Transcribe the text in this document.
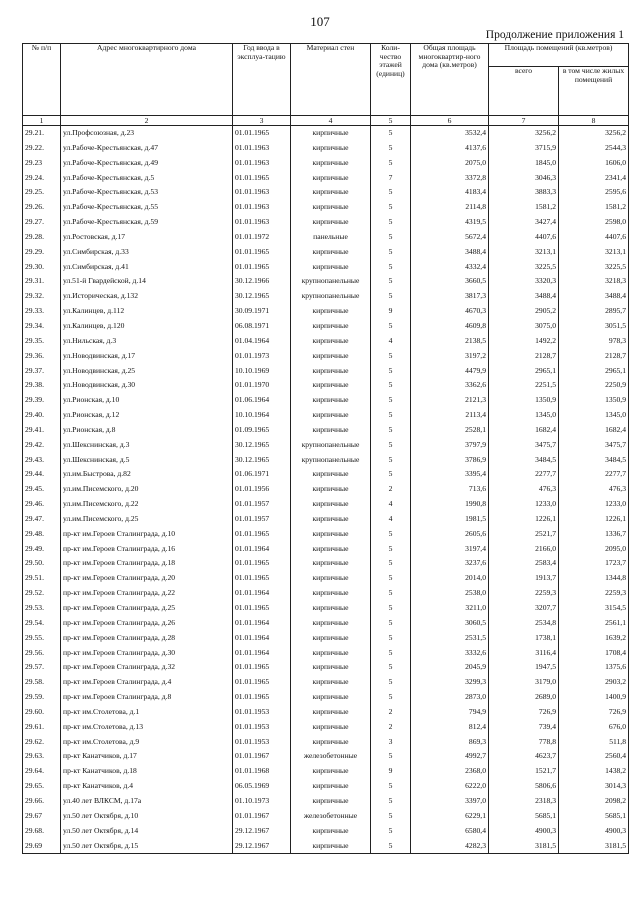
107
Продолжение приложения 1
№ п/п	Адрес многоквартирного дома	Год ввода в эксплуа-тацию	Материал стен	Коли-чество этажей (единиц)	Общая площадь многоквартир-ного дома (кв.метров)	Площадь помещений (кв.метров)	
						всего	в том числе жилых помещений
1	2	3	4	5	6	7	8
29.21.	ул.Профсоюзная, д.23	01.01.1965	кирпичные	5	3532,4	3256,2	3256,2
29.22.	ул.Рабоче-Крестьянская, д.47	01.01.1963	кирпичные	5	4137,6	3715,9	2544,3
29.23	ул.Рабоче-Крестьянская, д.49	01.01.1963	кирпичные	5	2075,0	1845,0	1606,0
29.24.	ул.Рабоче-Крестьянская, д.5	01.01.1965	кирпичные	7	3372,8	3046,3	2341,4
29.25.	ул.Рабоче-Крестьянская, д.53	01.01.1963	кирпичные	5	4183,4	3883,3	2595,6
29.26.	ул.Рабоче-Крестьянская, д.55	01.01.1963	кирпичные	5	2114,8	1581,2	1581,2
29.27.	ул.Рабоче-Крестьянская, д.59	01.01.1963	кирпичные	5	4319,5	3427,4	2598,0
29.28.	ул.Ростовская, д.17	01.01.1972	панельные	5	5672,4	4407,6	4407,6
29.29.	ул.Симбирская, д.33	01.01.1965	кирпичные	5	3488,4	3213,1	3213,1
29.30.	ул.Симбирская, д.41	01.01.1965	кирпичные	5	4332,4	3225,5	3225,5
29.31.	ул.51-й Гвардейской, д.14	30.12.1966	крупнопанельные	5	3660,5	3320,3	3218,3
29.32.	ул.Историческая, д.132	30.12.1965	крупнопанельные	5	3817,3	3488,4	3488,4
29.33.	ул.Калинцев, д.112	30.09.1971	кирпичные	9	4670,3	2905,2	2895,7
29.34.	ул.Калинцев, д.120	06.08.1971	кирпичные	5	4609,8	3075,0	3051,5
29.35.	ул.Нильская, д.3	01.04.1964	кирпичные	4	2138,5	1492,2	978,3
29.36.	ул.Новодвинская, д.17	01.01.1973	кирпичные	5	3197,2	2128,7	2128,7
29.37.	ул.Новодвинская, д.25	10.10.1969	кирпичные	5	4479,9	2965,1	2965,1
29.38.	ул.Новодвинская, д.30	01.01.1970	кирпичные	5	3362,6	2251,5	2250,9
29.39.	ул.Рионская, д.10	01.06.1964	кирпичные	5	2121,3	1350,9	1350,9
29.40.	ул.Рионская, д.12	10.10.1964	кирпичные	5	2113,4	1345,0	1345,0
29.41.	ул.Рионская, д.8	01.09.1965	кирпичные	5	2528,1	1682,4	1682,4
29.42.	ул.Шекснинская, д.3	30.12.1965	крупнопанельные	5	3797,9	3475,7	3475,7
29.43.	ул.Шекснинская, д.5	30.12.1965	крупнопанельные	5	3786,9	3484,5	3484,5
29.44.	ул.им.Быстрова, д.82	01.06.1971	кирпичные	5	3395,4	2277,7	2277,7
29.45.	ул.им.Писемского, д.20	01.01.1956	кирпичные	2	713,6	476,3	476,3
29.46.	ул.им.Писемского, д.22	01.01.1957	кирпичные	4	1990,8	1233,0	1233,0
29.47.	ул.им.Писемского, д.25	01.01.1957	кирпичные	4	1981,5	1226,1	1226,1
29.48.	пр-кт им.Героев Сталинграда, д.10	01.01.1965	кирпичные	5	2605,6	2521,7	1336,7
29.49.	пр-кт им.Героев Сталинграда, д.16	01.01.1964	кирпичные	5	3197,4	2166,0	2095,0
29.50.	пр-кт им.Героев Сталинграда, д.18	01.01.1965	кирпичные	5	3237,6	2583,4	1723,7
29.51.	пр-кт им.Героев Сталинграда, д.20	01.01.1965	кирпичные	5	2014,0	1913,7	1344,8
29.52.	пр-кт им.Героев Сталинграда, д.22	01.01.1964	кирпичные	5	2538,0	2259,3	2259,3
29.53.	пр-кт им.Героев Сталинграда, д.25	01.01.1965	кирпичные	5	3211,0	3207,7	3154,5
29.54.	пр-кт им.Героев Сталинграда, д.26	01.01.1964	кирпичные	5	3060,5	2534,8	2561,1
29.55.	пр-кт им.Героев Сталинграда, д.28	01.01.1964	кирпичные	5	2531,5	1738,1	1639,2
29.56.	пр-кт им.Героев Сталинграда, д.30	01.01.1964	кирпичные	5	3332,6	3116,4	1708,4
29.57.	пр-кт им.Героев Сталинграда, д.32	01.01.1965	кирпичные	5	2045,9	1947,5	1375,6
29.58.	пр-кт им.Героев Сталинграда, д.4	01.01.1965	кирпичные	5	3299,3	3179,0	2903,2
29.59.	пр-кт им.Героев Сталинграда, д.8	01.01.1965	кирпичные	5	2873,0	2689,0	1400,9
29.60.	пр-кт им.Столетова, д.1	01.01.1953	кирпичные	2	794,9	726,9	726,9
29.61.	пр-кт им.Столетова, д.13	01.01.1953	кирпичные	2	812,4	739,4	676,0
29.62.	пр-кт им.Столетова, д.9	01.01.1953	кирпичные	3	869,3	778,8	511,8
29.63.	пр-кт Канатчиков, д.17	01.01.1967	железобетонные	5	4992,7	4623,7	2560,4
29.64.	пр-кт Канатчиков, д.18	01.01.1968	кирпичные	9	2368,0	1521,7	1438,2
29.65.	пр-кт Канатчиков, д.4	06.05.1969	кирпичные	5	6222,0	5806,6	3014,3
29.66.	ул.40 лет ВЛКСМ, д.17а	01.10.1973	кирпичные	5	3397,0	2318,3	2098,2
29.67	ул.50 лет Октября, д.10	01.01.1967	железобетонные	5	6229,1	5685,1	5685,1
29.68.	ул.50 лет Октября, д.14	29.12.1967	кирпичные	5	6580,4	4900,3	4900,3
29.69	ул.50 лет Октября, д.15	29.12.1967	кирпичные	5	4282,3	3181,5	3181,5
